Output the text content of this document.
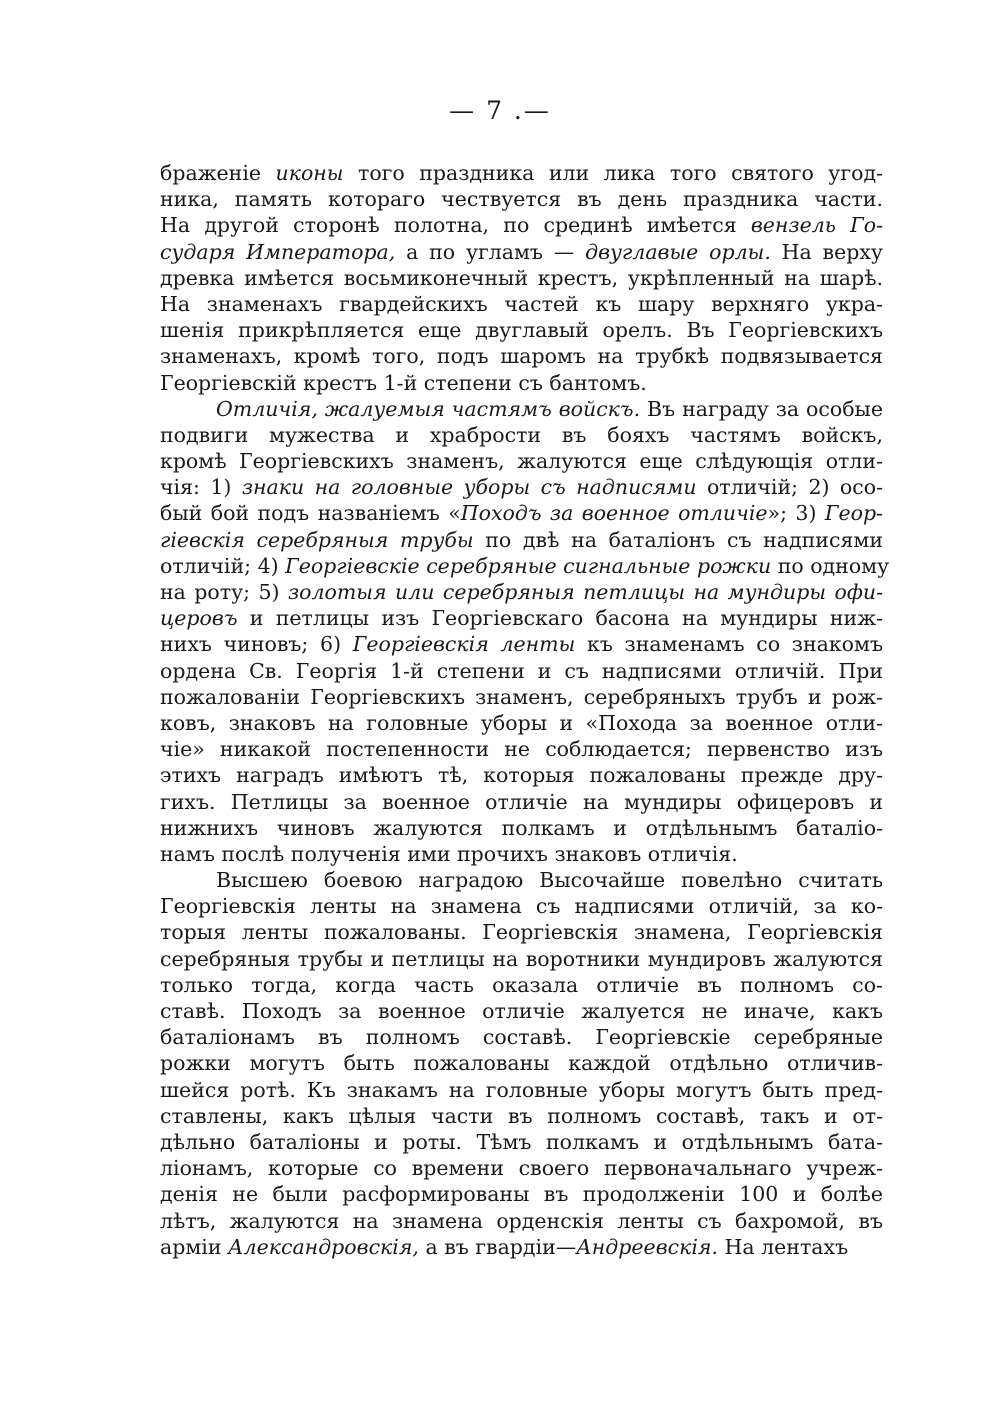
— 7 .—
браженіе иконы того праздника или лика того святого угод-
ника, память котораго чествуется въ день праздника части.
На другой сторонѣ полотна, по срединѣ имѣется вензель Го-
сударя Императора, а по угламъ — двуглавые орлы. На верху
древка имѣется восьмиконечный крестъ, укрѣпленный на шарѣ.
На знаменахъ гвардейскихъ частей къ шару верхняго укра-
шенія прикрѣпляется еще двуглавый орелъ. Въ Георгіевскихъ
знаменахъ, кромѣ того, подъ шаромъ на трубкѣ подвязывается
Георгіевскій крестъ 1-й степени съ бантомъ.
Отличія, жалуемыя частямъ войскъ. Въ награду за особые
подвиги мужества и храбрости въ бояхъ частямъ войскъ,
кромѣ Георгіевскихъ знаменъ, жалуются еще слѣдующія отли-
чія: 1) знаки на головные уборы съ надписями отличій; 2) осо-
бый бой подъ названіемъ «Походъ за военное отличіе»; 3) Геор-
гіевскія серебряныя трубы по двѣ на баталіонъ съ надписями
отличій; 4) Георгіевскіе серебряные сигнальные рожки по одному
на роту; 5) золотыя или серебряныя петлицы на мундиры офи-
церовъ и петлицы изъ Георгіевскаго басона на мундиры ниж-
нихъ чиновъ; 6) Георгіевскія ленты къ знаменамъ со знакомъ
ордена Св. Георгія 1-й степени и съ надписями отличій. При
пожалованіи Георгіевскихъ знаменъ, серебряныхъ трубъ и рож-
ковъ, знаковъ на головные уборы и «Похода за военное отли-
чіе» никакой постепенности не соблюдается; первенство изъ
этихъ наградъ имѣютъ тѣ, которыя пожалованы прежде дру-
гихъ. Петлицы за военное отличіе на мундиры офицеровъ и
нижнихъ чиновъ жалуются полкамъ и отдѣльнымъ баталіо-
намъ послѣ полученія ими прочихъ знаковъ отличія.
Высшею боевою наградою Высочайше повелѣно считать
Георгіевскія ленты на знамена съ надписями отличій, за ко-
торыя ленты пожалованы. Георгіевскія знамена, Георгіевскія
серебряныя трубы и петлицы на воротники мундировъ жалуются
только тогда, когда часть оказала отличіе въ полномъ со-
ставѣ. Походъ за военное отличіе жалуется не иначе, какъ
баталіонамъ въ полномъ составѣ. Георгіевскіе серебряные
рожки могутъ быть пожалованы каждой отдѣльно отличив-
шейся ротѣ. Къ знакамъ на головные уборы могутъ быть пред-
ставлены, какъ цѣлыя части въ полномъ составѣ, такъ и от-
дѣльно баталіоны и роты. Тѣмъ полкамъ и отдѣльнымъ бата-
ліонамъ, которые со времени своего первоначальнаго учреж-
денія не были расформированы въ продолженіи 100 и болѣе
лѣтъ, жалуются на знамена орденскія ленты съ бахромой, въ
арміи Александровскія, а въ гвардіи—Андреевскія. На лентахъ
